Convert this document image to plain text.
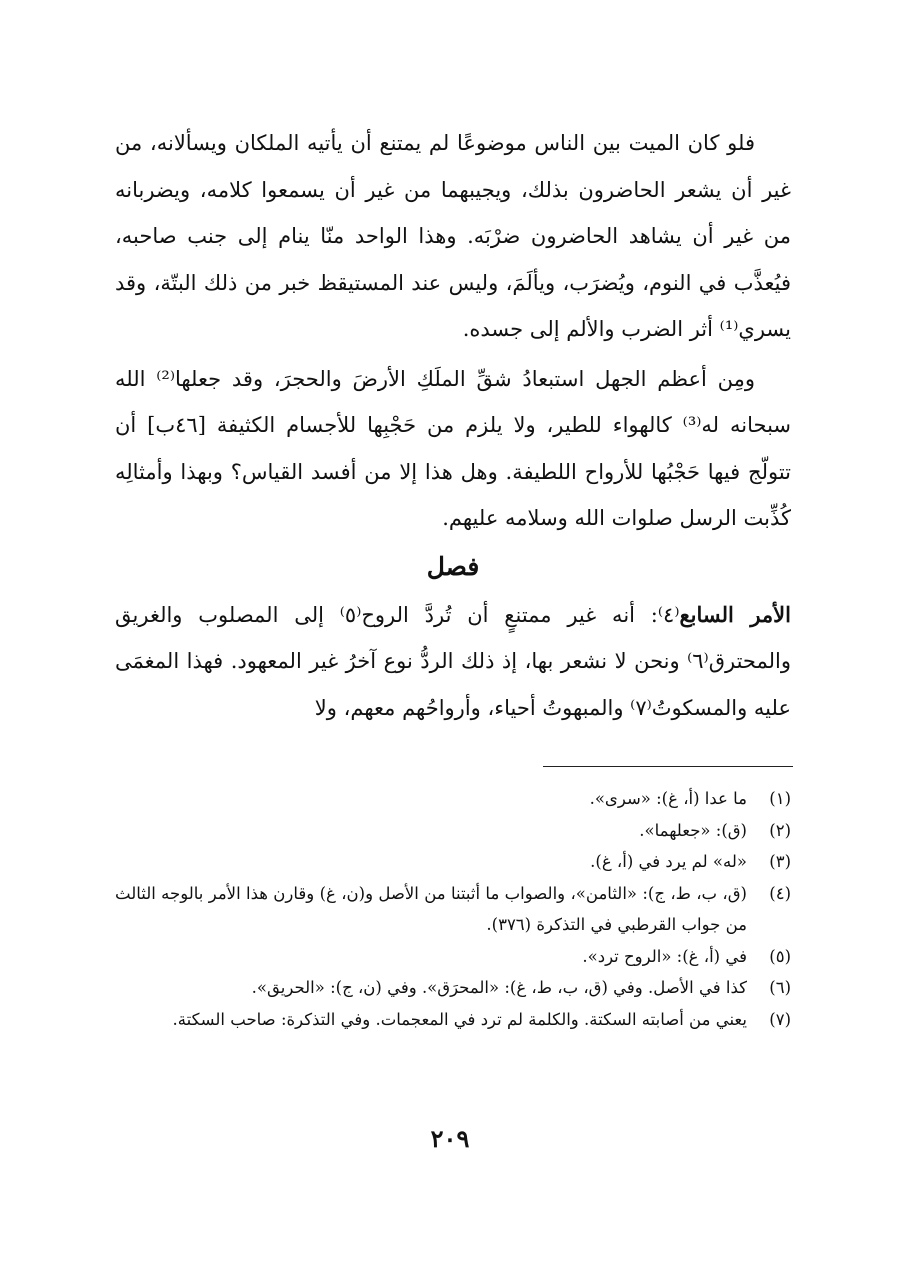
فلو كان الميت بين الناس موضوعًا لم يمتنع أن يأتيه الملكان ويسألانه، من غير أن يشعر الحاضرون بذلك، ويجيبهما من غير أن يسمعوا كلامه، ويضربانه من غير أن يشاهد الحاضرون ضرْبَه. وهذا الواحد منّا ينام إلى جنب صاحبه، فيُعذَّب في النوم، ويُضرَب، ويألَمَ، وليس عند المستيقظ خبر من ذلك البتّة، وقد يسري⁽¹⁾ أثر الضرب والألم إلى جسده.

ومِن أعظم الجهل استبعادُ شقِّ الملَكِ الأرضَ والحجرَ، وقد جعلها⁽²⁾ الله سبحانه له⁽³⁾ كالهواء للطير، ولا يلزم من حَجْبِها للأجسام الكثيفة [٤٦ب] أن تتولّج فيها حَجْبُها للأرواح اللطيفة. وهل هذا إلا من أفسد القياس؟ وبهذا وأمثالِه كُذِّبت الرسل صلوات الله وسلامه عليهم.

فصل

الأمر السابع⁽٤⁾: أنه غير ممتنعٍ أن تُردَّ الروح⁽٥⁾ إلى المصلوب والغريق والمحترق⁽٦⁾ ونحن لا نشعر بها، إذ ذلك الردُّ نوع آخرُ غير المعهود. فهذا المغمَى عليه والمسكوتُ⁽٧⁾ والمبهوتُ أحياء، وأرواحُهم معهم، ولا

(١)
ما عدا (أ، غ): «سرى».
(٢)
(ق): «جعلهما».
(٣)
«له» لم يرد في (أ، غ).
(٤)
(ق، ب، ط، ج): «الثامن»، والصواب ما أثبتنا من الأصل و(ن، غ) وقارن هذا الأمر بالوجه الثالث من جواب القرطبي في التذكرة (٣٧٦).
(٥)
في (أ، غ): «الروح ترد».
(٦)
كذا في الأصل. وفي (ق، ب، ط، غ): «المحرَق». وفي (ن، ج): «الحريق».
(٧)
يعني من أصابته السكتة. والكلمة لم ترد في المعجمات. وفي التذكرة: صاحب السكتة.
٢٠٩
